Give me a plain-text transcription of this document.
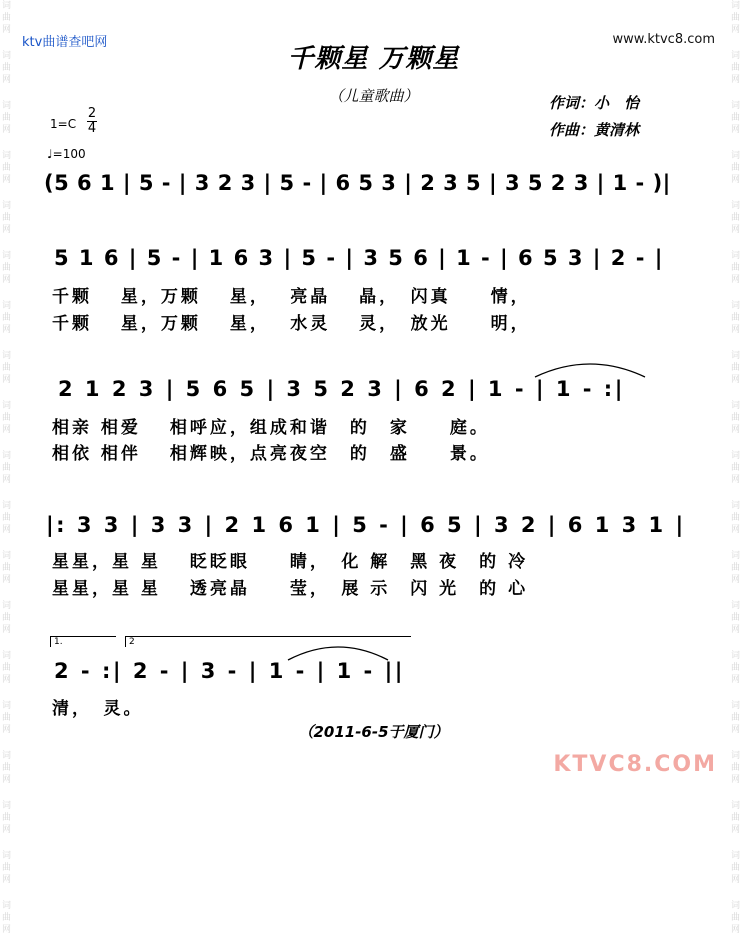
词
曲
网
词
曲
网
词
曲
网
词
曲
网
词
曲
网
词
曲
网
词
曲
网
词
曲
网
词
曲
网
词
曲
网
词
曲
网
词
曲
网
词
曲
网
词
曲
网
词
曲
网
词
曲
网
词
曲
网
词
曲
网
词
曲
网
词
曲
网
词
曲
网
词
曲
网
词
曲
网
词
曲
网
词
曲
网
词
曲
网
词
曲
网
词
曲
网
词
曲
网
词
曲
网
词
曲
网
词
曲
网
词
曲
网
词
曲
网
词
曲
网
词
曲
网
词
曲
网
词
曲
网
ktv曲谱查吧网	www.ktvc8.com
千颗星 万颗星
（儿童歌曲）	作词：小　怡
作曲：黄清林
1=C
2
4
♩=100
(5 6 1 | 5 - | 3 2 3 | 5 - | 6 5 3 | 2 3 5 | 3 5 2 3 | 1 - )|
5 1 6 | 5 - | 1 6 3 | 5 - | 3 5 6 | 1 - | 6 5 3 | 2 - |
千颗　 星，万颗　 星，　 亮晶　 晶，　闪真　　情，
千颗　 星，万颗　 星，　 水灵　 灵，　放光　　明，
2 1 2 3 | 5 6 5 | 3 5 2 3 | 6 2 | 1 - | 1 - :|
相亲 相爱　 相呼应，组成和谐　的　家　　庭。
相依 相伴　 相辉映，点亮夜空　的　盛　　景。
|: 3 3 | 3 3 | 2 1 6 1 | 5 - | 6 5 | 3 2 | 6 1 3 1 |
星星，星 星　 眨眨眼　　睛，　化 解　黑 夜　的 冷
星星，星 星　 透亮晶　　莹，　展 示　闪 光　的 心
1.	2
2 - :| 2 - | 3 - | 1 - | 1 - ||
清，　灵。
（2011-6-5于厦门）
KTVC8.COM
